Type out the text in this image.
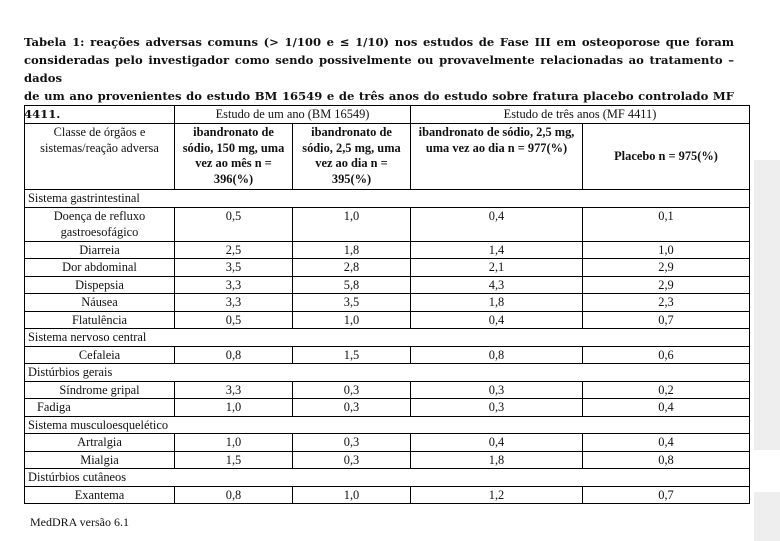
Tabela 1: reações adversas comuns (> 1/100 e ≤ 1/10) nos estudos de Fase III em osteoporose que foram
consideradas pelo investigador como sendo possivelmente ou provavelmente relacionadas ao tratamento – dados
de um ano provenientes do estudo BM 16549 e de três anos do estudo sobre fratura placebo controlado MF 4411.
		Estudo de um ano (BM 16549)		Estudo de três anos (MF 4411)	
Classe de órgãos e sistemas/reação adversa	ibandronato de sódio, 150 mg, uma vez ao mês n = 396(%)	ibandronato de sódio, 2,5 mg, uma vez ao dia n = 395(%)	ibandronato de sódio, 2,5 mg, uma vez ao dia n = 977(%)	Placebo n = 975(%)
Sistema gastrintestinal				
Doença de refluxo gastroesofágico	0,5	1,0	0,4	0,1
Diarreia	2,5	1,8	1,4	1,0
Dor abdominal	3,5	2,8	2,1	2,9
Dispepsia	3,3	5,8	4,3	2,9
Náusea	3,3	3,5	1,8	2,3
Flatulência	0,5	1,0	0,4	0,7
Sistema nervoso central				
Cefaleia	0,8	1,5	0,8	0,6
Distúrbios gerais				
Síndrome gripal	3,3	0,3	0,3	0,2
Fadiga	1,0	0,3	0,3	0,4
Sistema musculoesquelético				
Artralgia	1,0	0,3	0,4	0,4
Mialgia	1,5	0,3	1,8	0,8
Distúrbios cutâneos				
Exantema	0,8	1,0	1,2	0,7
MedDRA versão 6.1
